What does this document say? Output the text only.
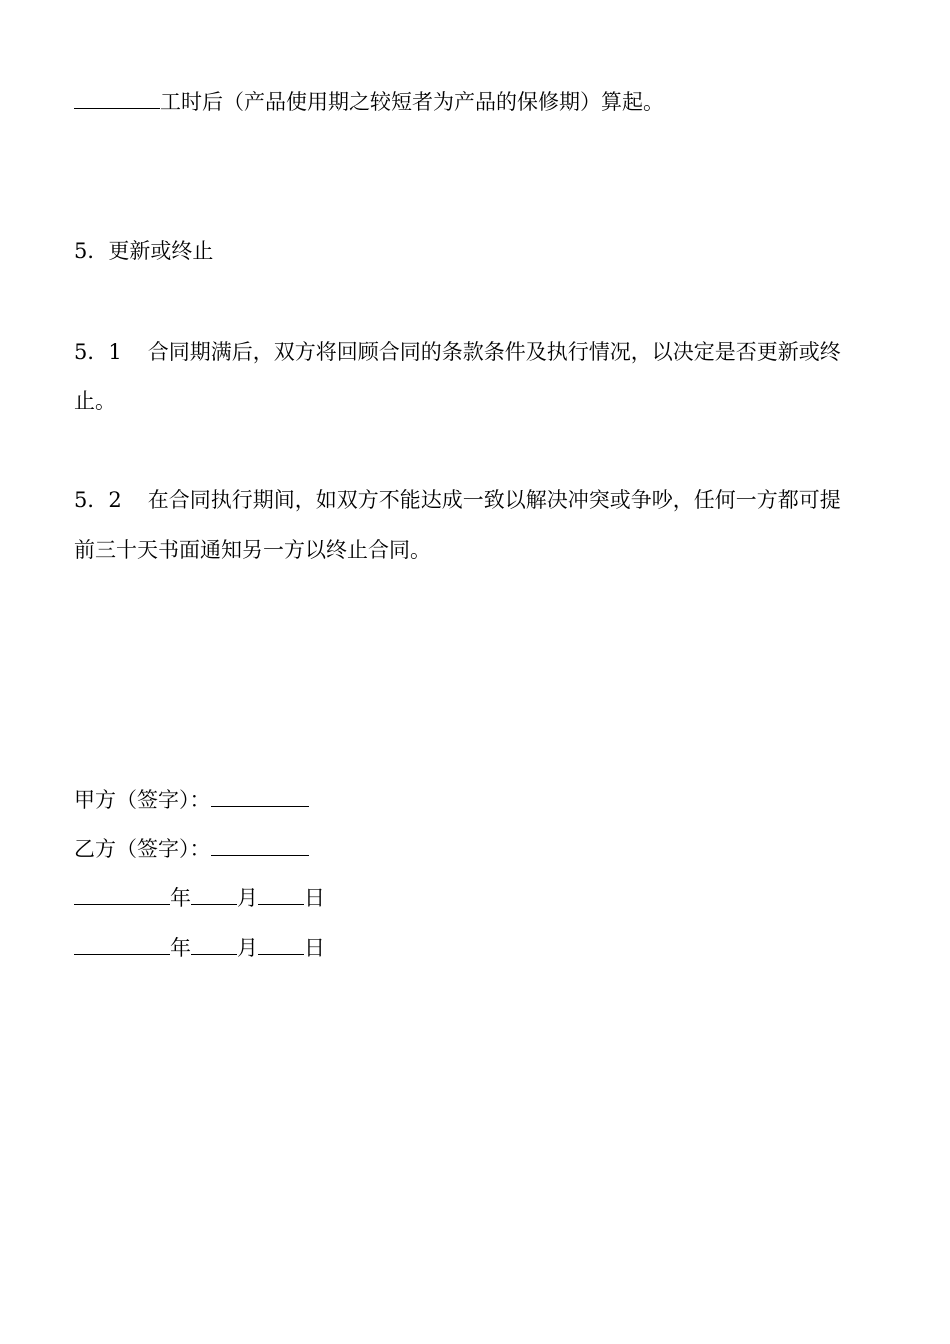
工时后（产品使用期之较短者为产品的保修期）算起。

5．更新或终止

5．1 合同期满后，双方将回顾合同的条款条件及执行情况，以决定是否更新或终

止。

5．2 在合同执行期间，如双方不能达成一致以解决冲突或争吵，任何一方都可提

前三十天书面通知另一方以终止合同。

甲方（签字）：

乙方（签字）：

年 月 日

年 月 日
